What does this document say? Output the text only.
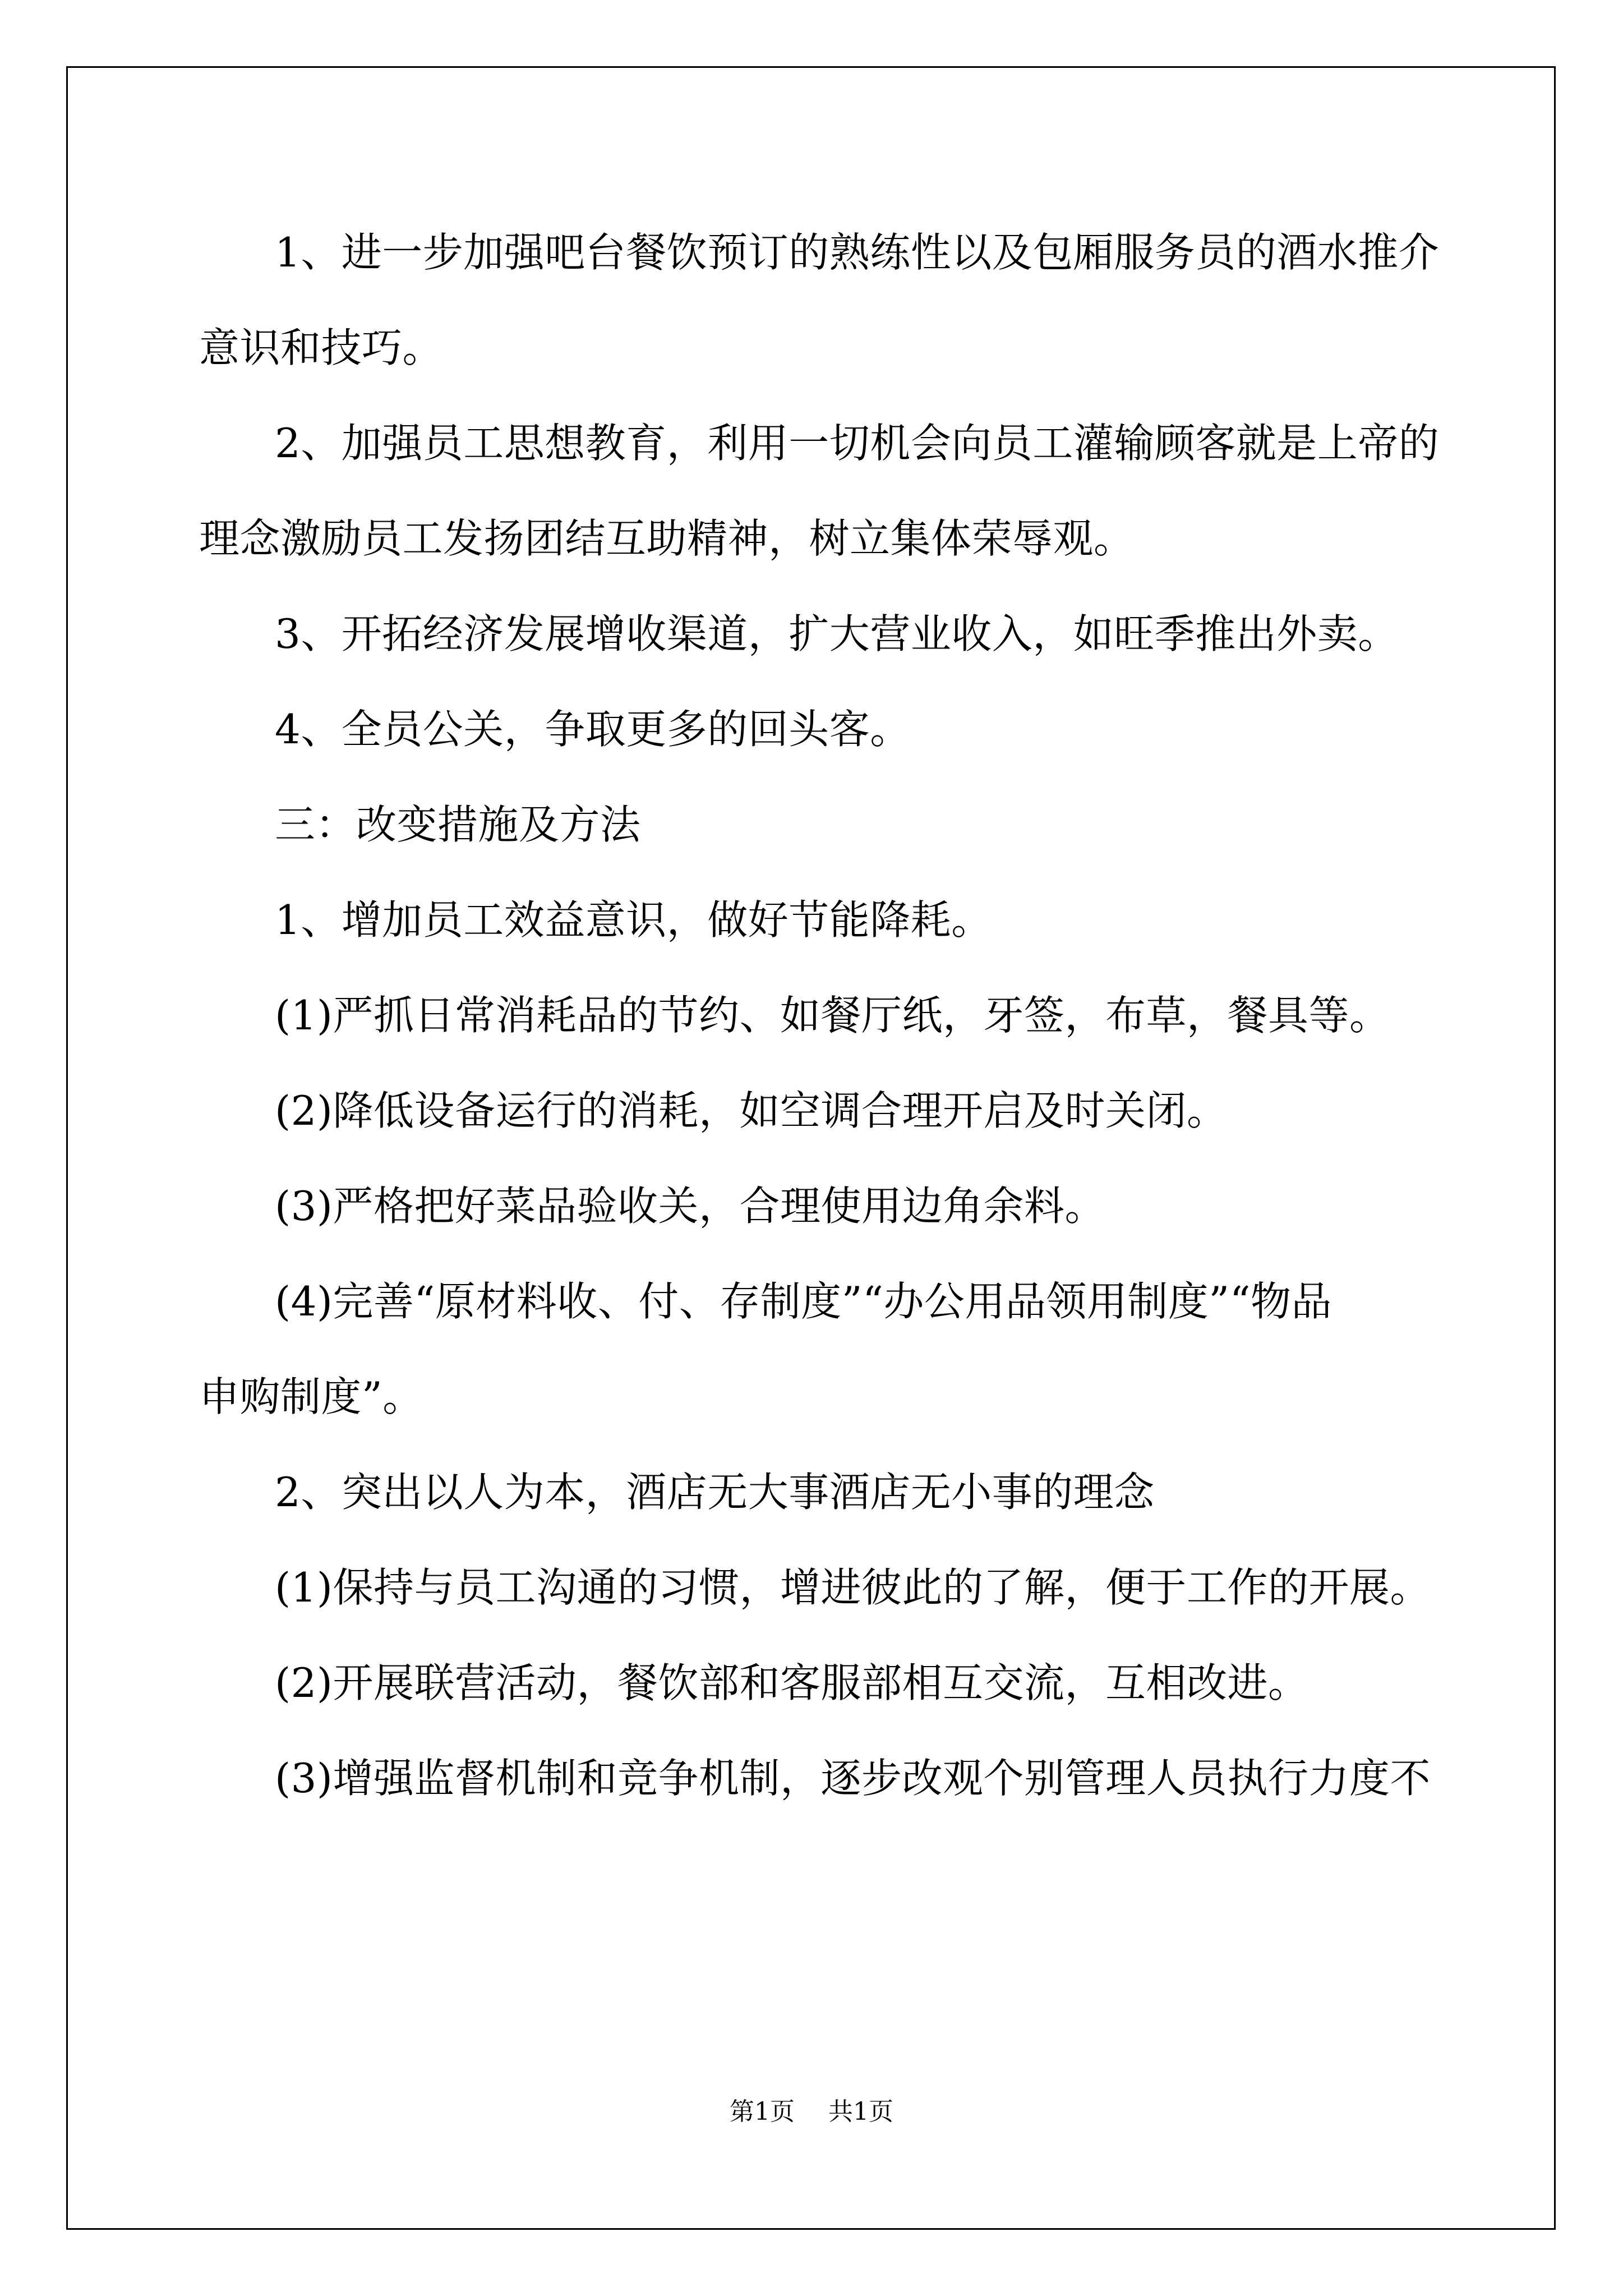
1、进一步加强吧台餐饮预订的熟练性以及包厢服务员的酒水推介

意识和技巧。

2、加强员工思想教育，利用一切机会向员工灌输顾客就是上帝的

理念激励员工发扬团结互助精神，树立集体荣辱观。

3、开拓经济发展增收渠道，扩大营业收入，如旺季推出外卖。

4、全员公关，争取更多的回头客。

三：改变措施及方法

1、增加员工效益意识，做好节能降耗。

(1)严抓日常消耗品的节约、如餐厅纸，牙签，布草，餐具等。

(2)降低设备运行的消耗，如空调合理开启及时关闭。

(3)严格把好菜品验收关，合理使用边角余料。

(4)完善“原材料收、付、存制度”“办公用品领用制度”“物品

申购制度”。

2、突出以人为本，酒店无大事酒店无小事的理念

(1)保持与员工沟通的习惯，增进彼此的了解，便于工作的开展。

(2)开展联营活动，餐饮部和客服部相互交流，互相改进。

(3)增强监督机制和竞争机制，逐步改观个别管理人员执行力度不

第1页 共1页
